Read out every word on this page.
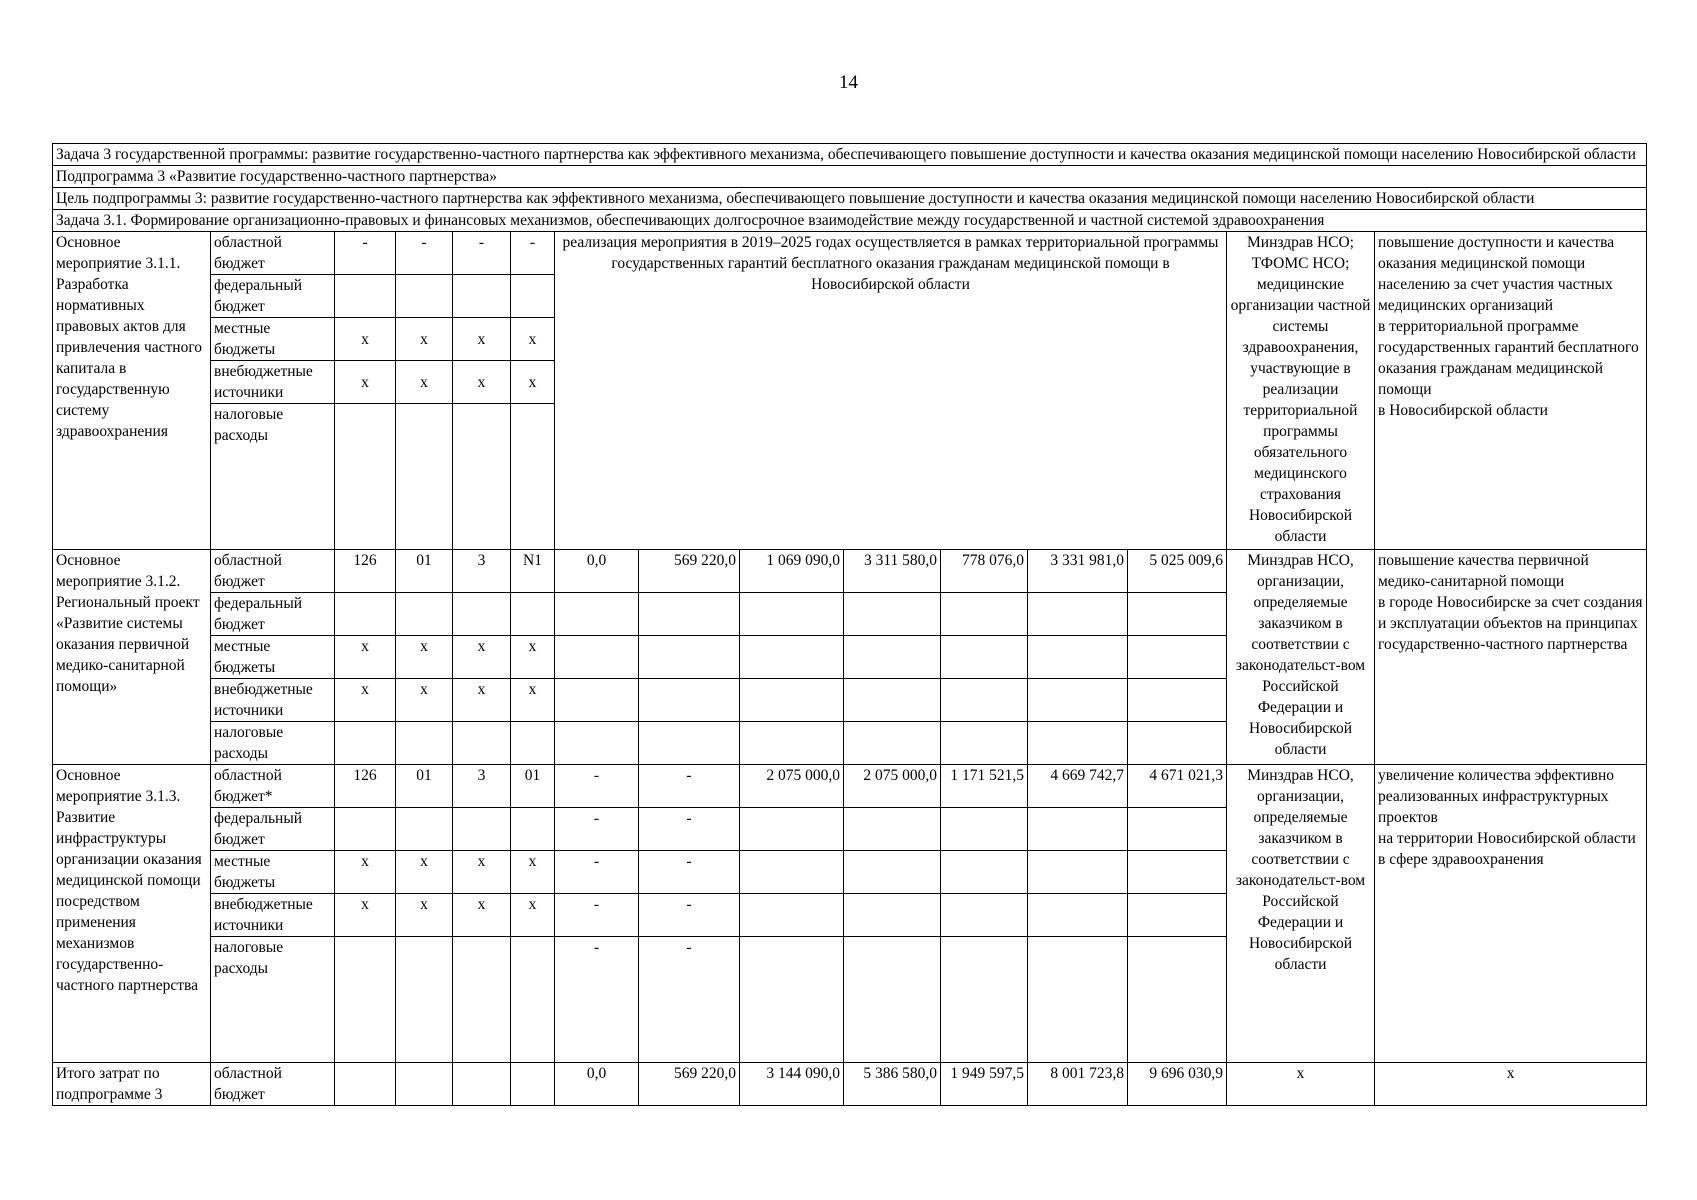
14
Задача 3 государственной программы: развитие государственно-частного партнерства как эффективного механизма, обеспечивающего повышение доступности и качества оказания медицинской помощи населению Новосибирской области														
Подпрограмма 3 «Развитие государственно-частного партнерства»														
Цель подпрограммы 3: развитие государственно-частного партнерства как эффективного механизма, обеспечивающего повышение доступности и качества оказания медицинской помощи населению Новосибирской области														
Задача 3.1. Формирование организационно-правовых и финансовых механизмов, обеспечивающих долгосрочное взаимодействие между государственной и частной системой здравоохранения														
Основное мероприятие 3.1.1. Разработка нормативных правовых актов для привлечения частного капитала в государственную систему здравоохранения	областной бюджет	-	-	-	-	реализация мероприятия в 2019–2025 годах осуществляется в рамках территориальной программы государственных гарантий бесплатного оказания гражданам медицинской помощи в Новосибирской области							Минздрав НСО; ТФОМС НСО; медицинские организации частной системы здравоохранения, участвующие в реализации территориальной программы обязательного медицинского страхования Новосибирской области	повышение доступности и качества оказания медицинской помощи населению за счет участия частных медицинских организаций
в территориальной программе государственных гарантий бесплатного оказания гражданам медицинской помощи
в Новосибирской области
	федеральный бюджет													
	местные бюджеты	x	x	x	x									
	внебюджетные источники	x	x	x	x									
	налоговые расходы													
Основное мероприятие 3.1.2. Региональный проект «Развитие системы оказания первичной медико-санитарной помощи»	областной бюджет	126	01	3	N1	0,0	569 220,0	1 069 090,0	3 311 580,0	778 076,0	3 331 981,0	5 025 009,6	Минздрав НСО, организации, определяемые заказчиком в соответствии с законодательст-вом Российской Федерации и Новосибирской области	повышение качества первичной медико-санитарной помощи
в городе Новосибирске за счет создания и эксплуатации объектов на принципах государственно-частного партнерства
	федеральный бюджет													
	местные бюджеты	x	x	x	x									
	внебюджетные источники	x	x	x	x									
	налоговые расходы													
Основное мероприятие 3.1.3. Развитие инфраструктуры организации оказания медицинской помощи посредством применения механизмов государственно-частного партнерства	областной бюджет*	126	01	3	01	-	-	2 075 000,0	2 075 000,0	1 171 521,5	4 669 742,7	4 671 021,3	Минздрав НСО, организации, определяемые заказчиком в соответствии с законодательст-вом Российской Федерации и Новосибирской области	увеличение количества эффективно реализованных инфраструктурных проектов
на территории Новосибирской области в сфере здравоохранения
	федеральный бюджет					-	-							
	местные бюджеты	x	x	x	x	-	-							
	внебюджетные источники	x	x	x	x	-	-							
	налоговые расходы					-	-							
Итого затрат по подпрограмме 3	областной бюджет					0,0	569 220,0	3 144 090,0	5 386 580,0	1 949 597,5	8 001 723,8	9 696 030,9	x	x
